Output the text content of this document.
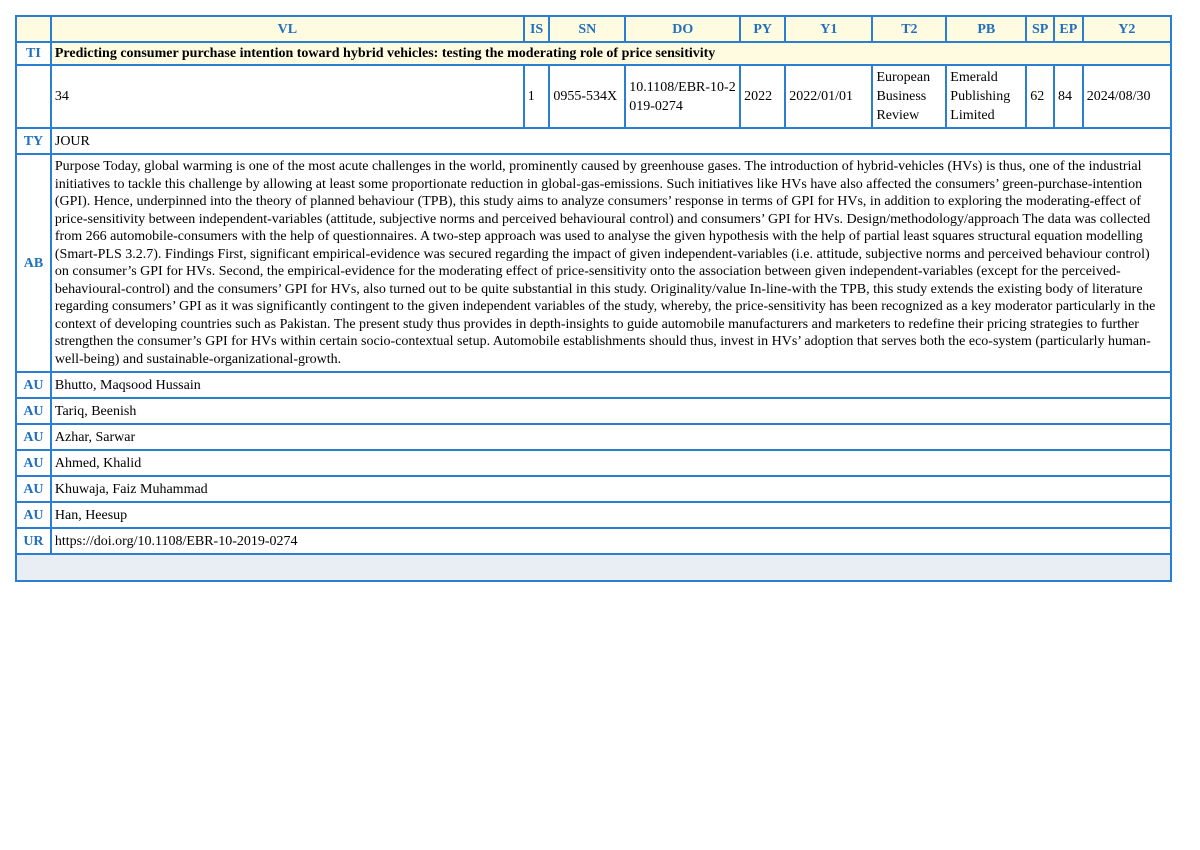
	VL	IS	SN	DO	PY	Y1	T2	PB	SP	EP	Y2
TI	Predicting consumer purchase intention toward hybrid vehicles: testing the moderating role of price sensitivity										
	34	1	0955-534X	10.1108/EBR-10-2019-0274	2022	2022/01/01	European Business Review	Emerald Publishing Limited	62	84	2024/08/30
TY	JOUR										
AB	Purpose Today, global warming is one of the most acute challenges in the world, prominently caused by greenhouse gases. The introduction of hybrid-vehicles (HVs) is thus, one of the industrial initiatives to tackle this challenge by allowing at least some proportionate reduction in global-gas-emissions. Such initiatives like HVs have also affected the consumers’ green-purchase-intention (GPI). Hence, underpinned into the theory of planned behaviour (TPB), this study aims to analyze consumers’ response in terms of GPI for HVs, in addition to exploring the moderating-effect of price-sensitivity between independent-variables (attitude, subjective norms and perceived behavioural control) and consumers’ GPI for HVs. Design/methodology/approach The data was collected from 266 automobile-consumers with the help of questionnaires. A two-step approach was used to analyse the given hypothesis with the help of partial least squares structural equation modelling (Smart-PLS 3.2.7). Findings First, significant empirical-evidence was secured regarding the impact of given independent-variables (i.e. attitude, subjective norms and perceived behaviour control) on consumer’s GPI for HVs. Second, the empirical-evidence for the moderating effect of price-sensitivity onto the association between given independent-variables (except for the perceived-behavioural-control) and the consumers’ GPI for HVs, also turned out to be quite substantial in this study. Originality/value In-line-with the TPB, this study extends the existing body of literature regarding consumers’ GPI as it was significantly contingent to the given independent variables of the study, whereby, the price-sensitivity has been recognized as a key moderator particularly in the context of developing countries such as Pakistan. The present study thus provides in depth-insights to guide automobile manufacturers and marketers to redefine their pricing strategies to further strengthen the consumer’s GPI for HVs within certain socio-contextual setup. Automobile establishments should thus, invest in HVs’ adoption that serves both the eco-system (particularly human-well-being) and sustainable-organizational-growth.										
AU	Bhutto, Maqsood Hussain										
AU	Tariq, Beenish										
AU	Azhar, Sarwar										
AU	Ahmed, Khalid										
AU	Khuwaja, Faiz Muhammad										
AU	Han, Heesup										
UR	https://doi.org/10.1108/EBR-10-2019-0274										
